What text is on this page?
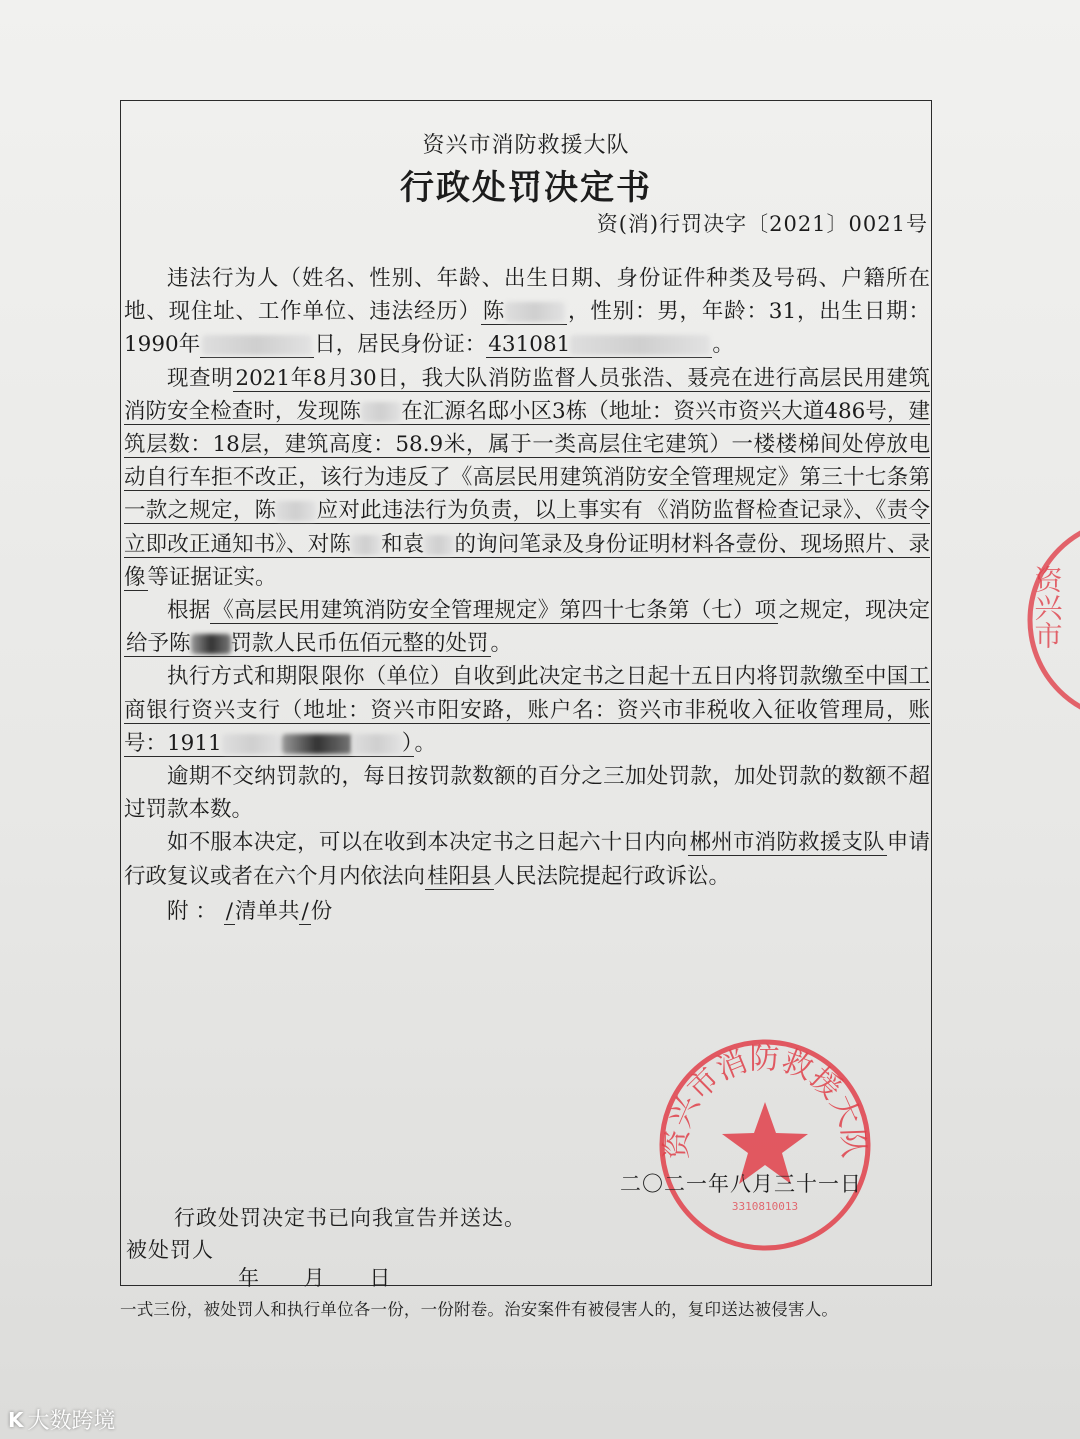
资兴市消防救援大队
行政处罚决定书
资(消)行罚决字〔2021〕0021号

违法行为人（姓名、性别、年龄、出生日期、身份证件种类及号码、户籍所在地、现住址、工作单位、违法经历）陈	，性别：男，年龄：31，出生日期：1990年	日，居民身份证：431081	。

现查明2021年8月30日，我大队消防监督人员张浩、聂亮在进行高层民用建筑消防安全检查时，发现陈 在汇源名邸小区3栋（地址：资兴市资兴大道486号，建筑层数：18层，建筑高度：58.9米，属于一类高层住宅建筑）一楼楼梯间处停放电动自行车拒不改正，该行为违反了《高层民用建筑消防安全管理规定》第三十七条第一款之规定，陈 应对此违法行为负责，以上事实有 《消防监督检查记录》、《责令立即改正通知书》、对陈 和袁 的询问笔录及身份证明材料各壹份、现场照片、录像等证据证实。

根据《高层民用建筑消防安全管理规定》第四十七条第（七）项之规定，现决定给予陈 罚款人民币伍佰元整的处罚。

执行方式和期限限你（单位）自收到此决定书之日起十五日内将罚款缴至中国工商银行资兴支行（地址：资兴市阳安路，账户名：资兴市非税收入征收管理局，账号：1911	）。

逾期不交纳罚款的，每日按罚款数额的百分之三加处罚款，加处罚款的数额不超过罚款本数。

如不服本决定，可以在收到本决定书之日起六十日内向郴州市消防救援支队申请行政复议或者在六个月内依法向桂阳县人民法院提起行政诉讼。

附 ： /清单共/份

资兴市消防救援大队
3310810013
资兴市
二〇二一年八月三十一日
行政处罚决定书已向我宣告并送达。
被处罚人
年 月 日
一式三份，被处罚人和执行单位各一份，一份附卷。治安案件有被侵害人的，复印送达被侵害人。
K 大数跨境
